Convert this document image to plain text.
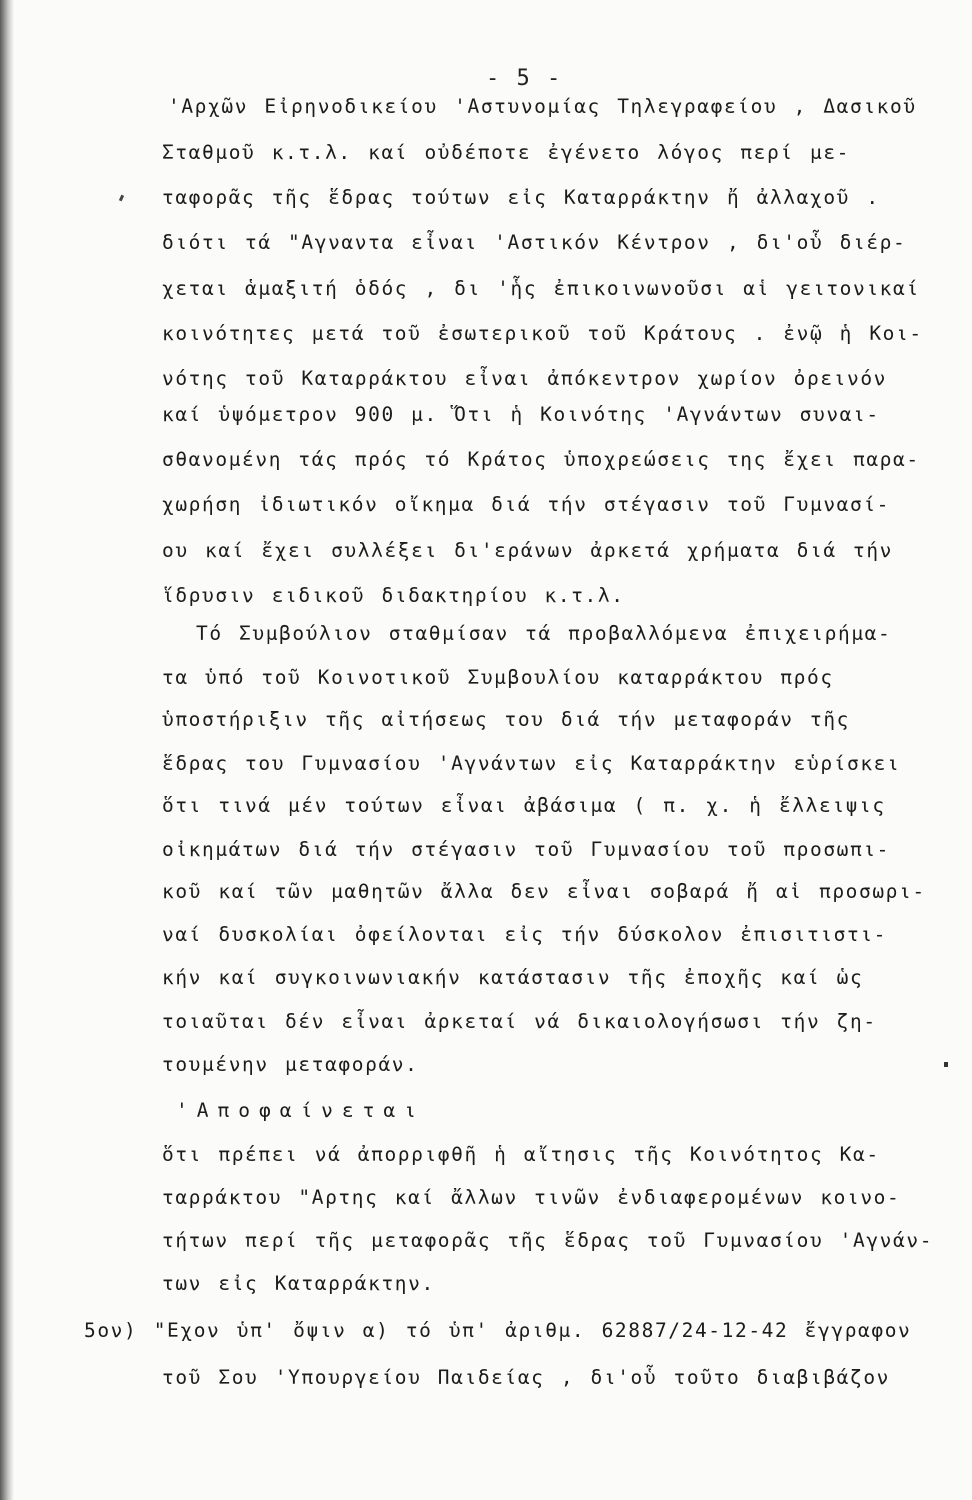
- 5 -
'Αρχῶν Εἰρηνοδικείου 'Αστυνομίας Τηλεγραφείου , Δασικοῦ
Σταθμοῦ κ.τ.λ. καί οὐδέποτε ἐγένετο λόγος περί με-
ταφορᾶς τῆς ἕδρας τούτων εἰς Καταρράκτην ἤ ἀλλαχοῦ .
διότι τά "Αγναντα εἶναι 'Αστικόν Κέντρον , δι'οὗ διέρ-
χεται ἁμαξιτή ὁδός , δι 'ἧς ἐπικοινωνοῦσι αἱ γειτονικαί
κοινότητες μετά τοῦ ἐσωτερικοῦ τοῦ Κράτους . ἐνῷ ἡ Κοι-
νότης τοῦ Καταρράκτου εἶναι ἀπόκεντρον χωρίον ὀρεινόν
καί ὑψόμετρον 900 μ. Ὅτι ἡ Κοινότης 'Αγνάντων συναι-
σθανομένη τάς πρός τό Κράτος ὑποχρεώσεις της ἔχει παρα-
χωρήση ἰδιωτικόν οἴκημα διά τήν στέγασιν τοῦ Γυμνασί-
ου καί ἔχει συλλέξει δι'εράνων ἀρκετά χρήματα διά τήν
ἵδρυσιν ειδικοῦ διδακτηρίου κ.τ.λ.
Τό Συμβούλιον σταθμίσαν τά προβαλλόμενα ἐπιχειρήμα-
τα ὑπό τοῦ Κοινοτικοῦ Συμβουλίου καταρράκτου πρός
ὑποστήριξιν τῆς αἰτήσεως του διά τήν μεταφοράν τῆς
ἕδρας του Γυμνασίου 'Αγνάντων εἰς Καταρράκτην εὑρίσκει
ὅτι τινά μέν τούτων εἶναι ἀβάσιμα ( π. χ. ἡ ἔλλειψις
οἰκημάτων διά τήν στέγασιν τοῦ Γυμνασίου τοῦ προσωπι-
κοῦ καί τῶν μαθητῶν ἄλλα δεν εἶναι σοβαρά ἤ αἱ προσωρι-
ναί δυσκολίαι ὀφείλονται εἰς τήν δύσκολον ἐπισιτιστι-
κήν καί συγκοινωνιακήν κατάστασιν τῆς ἐποχῆς καί ὡς
τοιαῦται δέν εἶναι ἀρκεταί νά δικαιολογήσωσι τήν ζη-
τουμένην μεταφοράν.
'Αποφαίνεται
ὅτι πρέπει νά ἀπορριφθῆ ἡ αἴτησις τῆς Κοινότητος Κα-
ταρράκτου "Αρτης καί ἄλλων τινῶν ἐνδιαφερομένων κοινο-
τήτων περί τῆς μεταφορᾶς τῆς ἕδρας τοῦ Γυμνασίου 'Αγνάν-
των εἰς Καταρράκτην.
5ον) "Εχον ὑπ' ὄψιν α) τό ὑπ' ἀριθμ. 62887/24-12-42 ἔγγραφον
τοῦ Σου 'Υπουργείου Παιδείας , δι'οὗ τοῦτο διαβιβάζον
